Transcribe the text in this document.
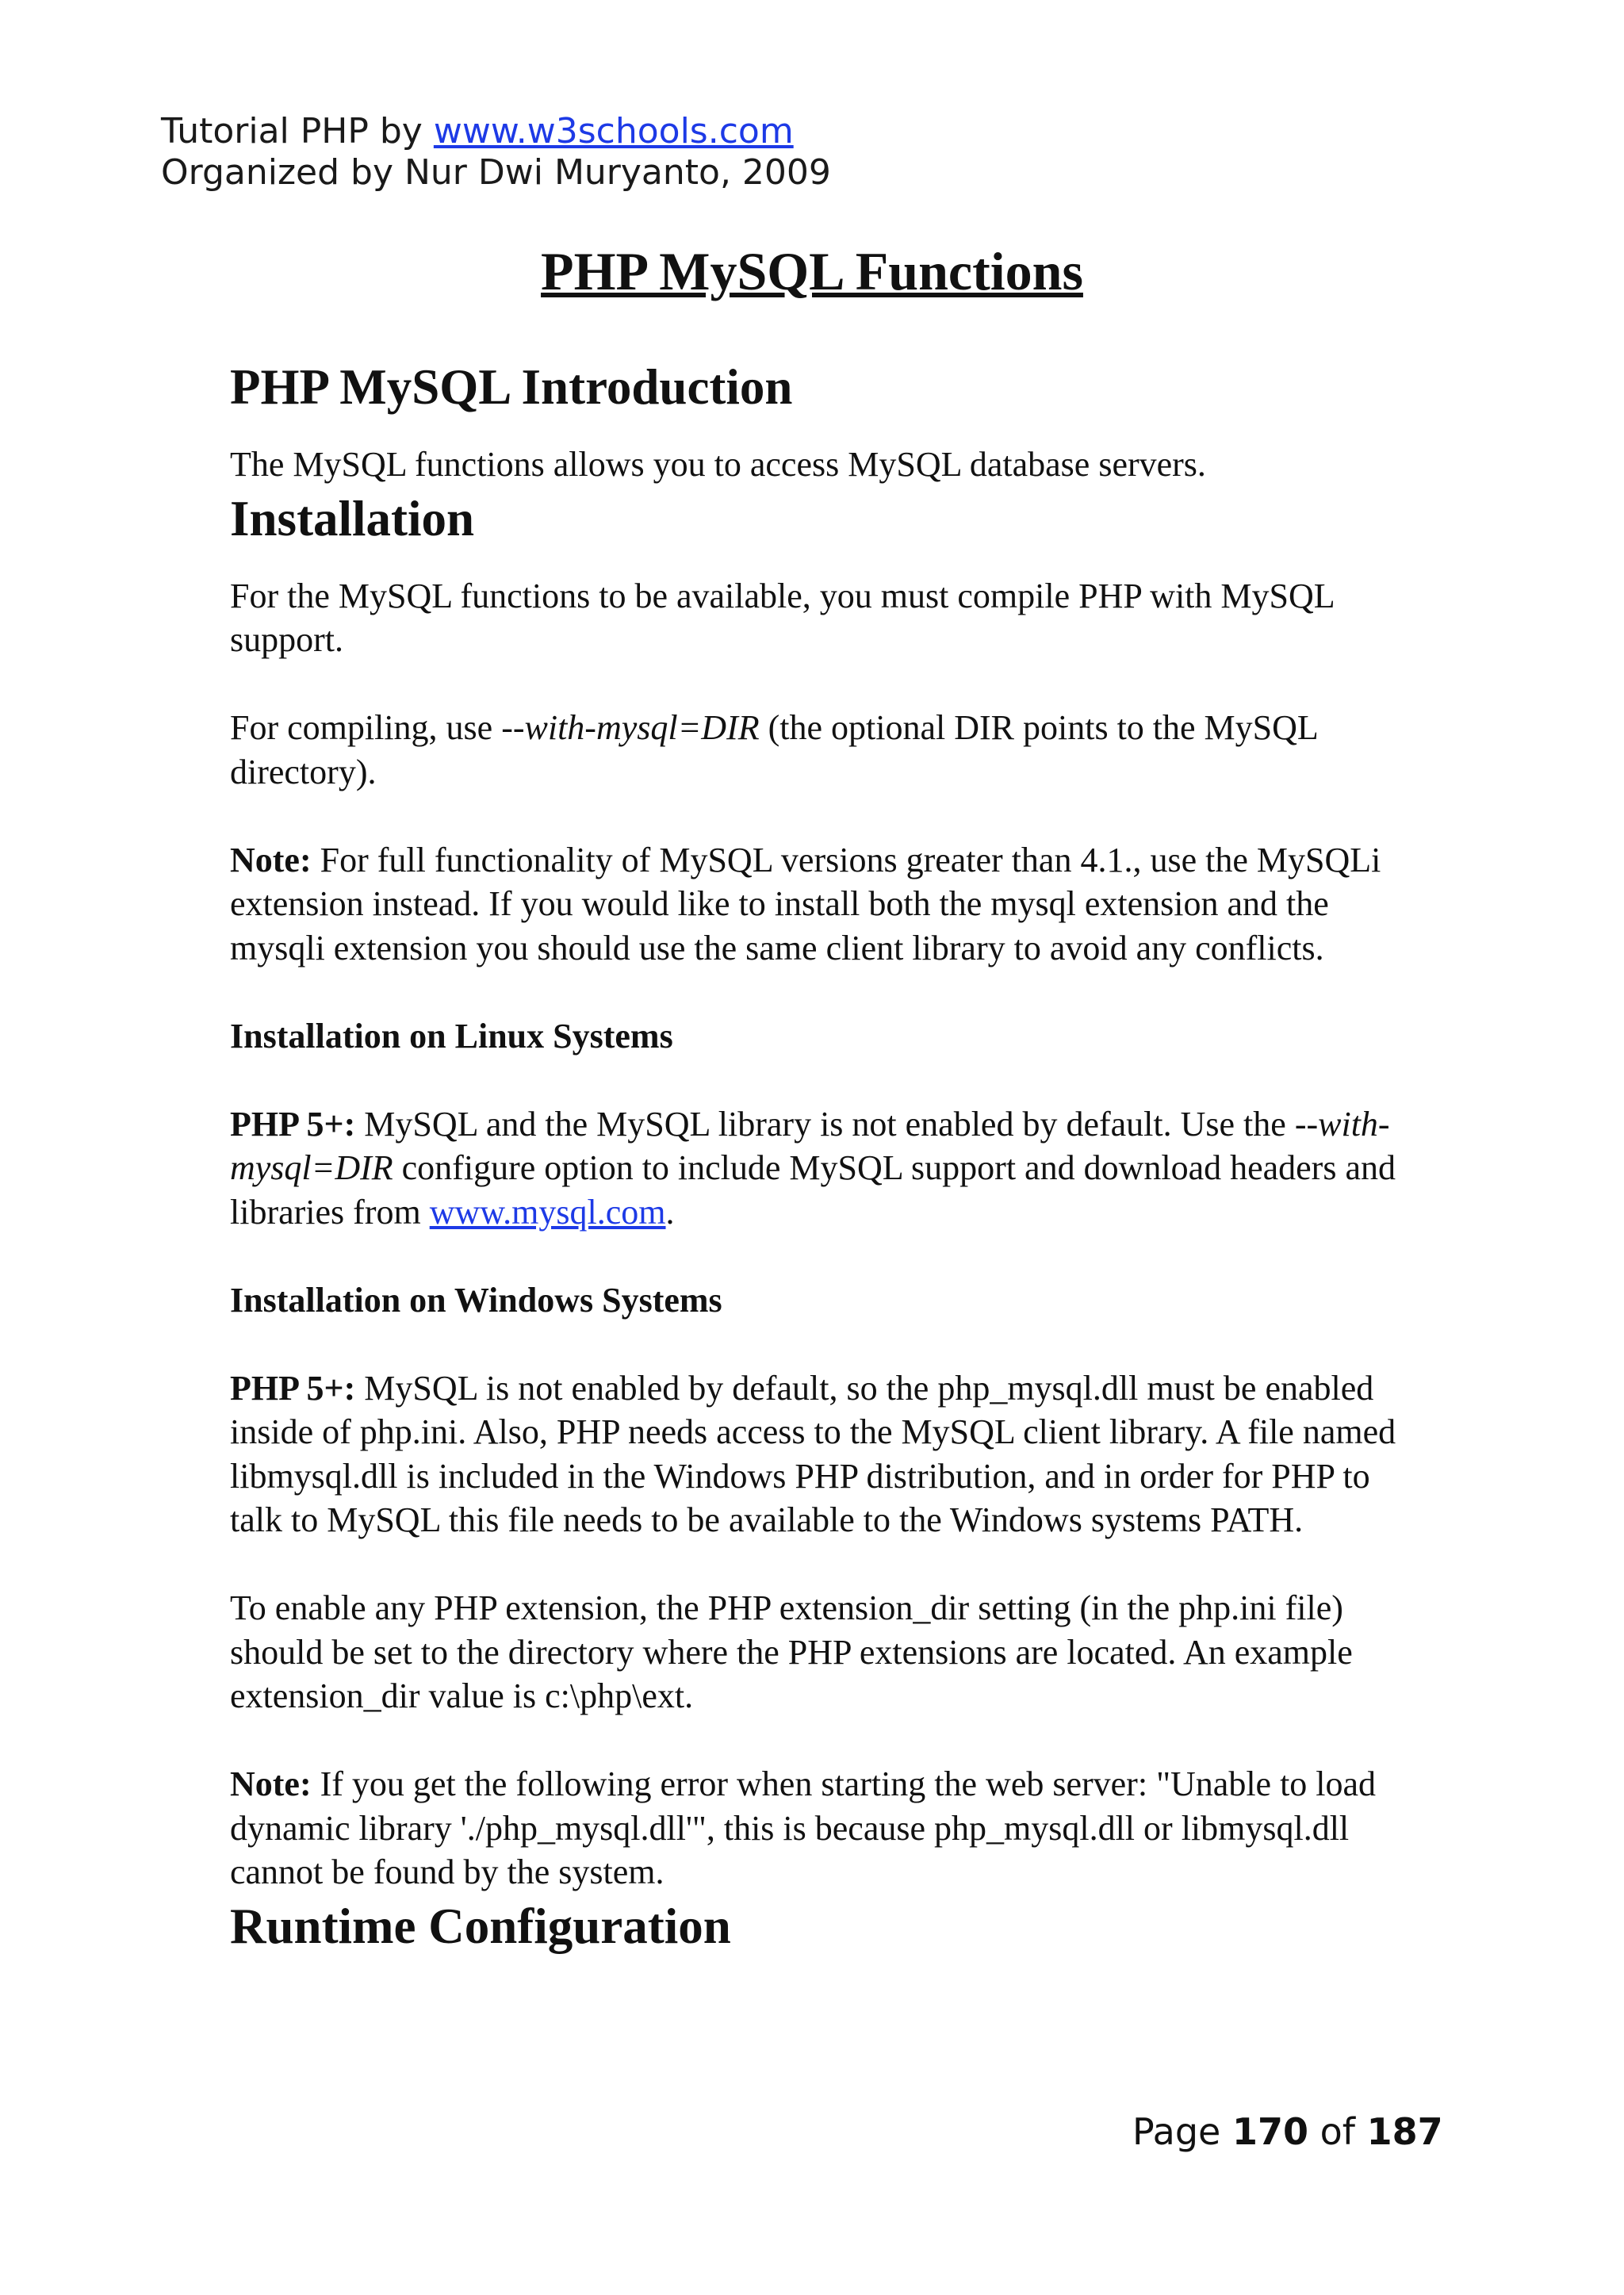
Tutorial PHP by www.w3schools.com
Organized by Nur Dwi Muryanto, 2009
PHP MySQL Functions
PHP MySQL Introduction

The MySQL functions allows you to access MySQL database servers.

Installation

For the MySQL functions to be available, you must compile PHP with MySQL support.

For compiling, use --with-mysql=DIR (the optional DIR points to the MySQL directory).

Note: For full functionality of MySQL versions greater than 4.1., use the MySQLi extension instead. If you would like to install both the mysql extension and the mysqli extension you should use the same client library to avoid any conflicts.

Installation on Linux Systems

PHP 5+: MySQL and the MySQL library is not enabled by default. Use the --with-mysql=DIR configure option to include MySQL support and download headers and libraries from www.mysql.com.

Installation on Windows Systems

PHP 5+: MySQL is not enabled by default, so the php_mysql.dll must be enabled inside of php.ini. Also, PHP needs access to the MySQL client library. A file named libmysql.dll is included in the Windows PHP distribution, and in order for PHP to talk to MySQL this file needs to be available to the Windows systems PATH.

To enable any PHP extension, the PHP extension_dir setting (in the php.ini file) should be set to the directory where the PHP extensions are located. An example extension_dir value is c:\php\ext.

Note: If you get the following error when starting the web server: "Unable to load dynamic library './php_mysql.dll'", this is because php_mysql.dll or libmysql.dll cannot be found by the system.

Runtime Configuration
Page 170 of 187
